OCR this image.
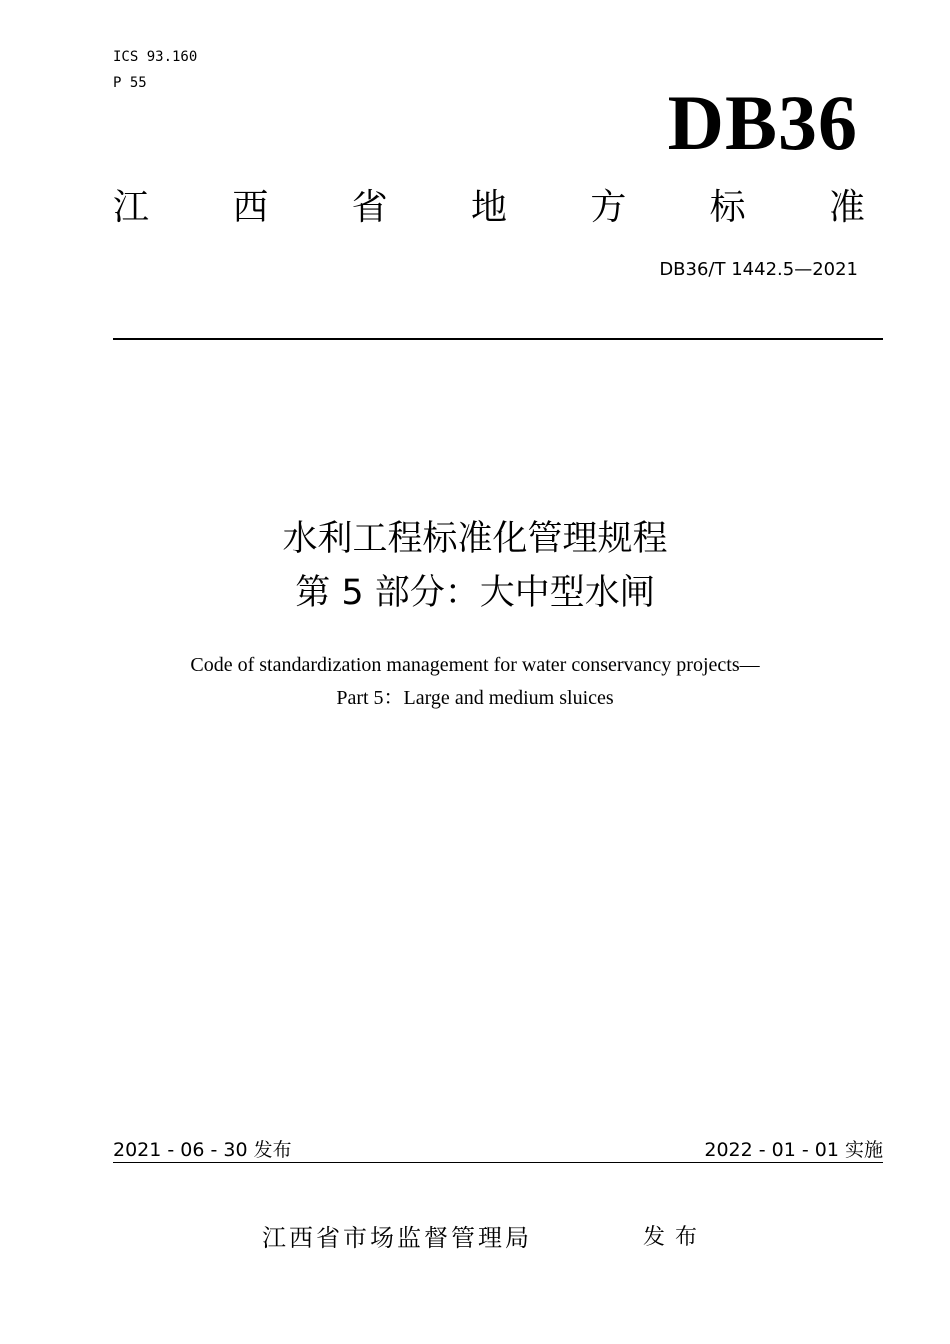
ICS 93.160
P 55	DB36
江 西 省 地 方 标 准
DB36/T 1442.5—2021
水利工程标准化管理规程
第 5 部分：大中型水闸
Code of standardization management for water conservancy projects—
Part 5：Large and medium sluices
2021 - 06 - 30 发布	2022 - 01 - 01 实施
江西省市场监督管理局	发布
